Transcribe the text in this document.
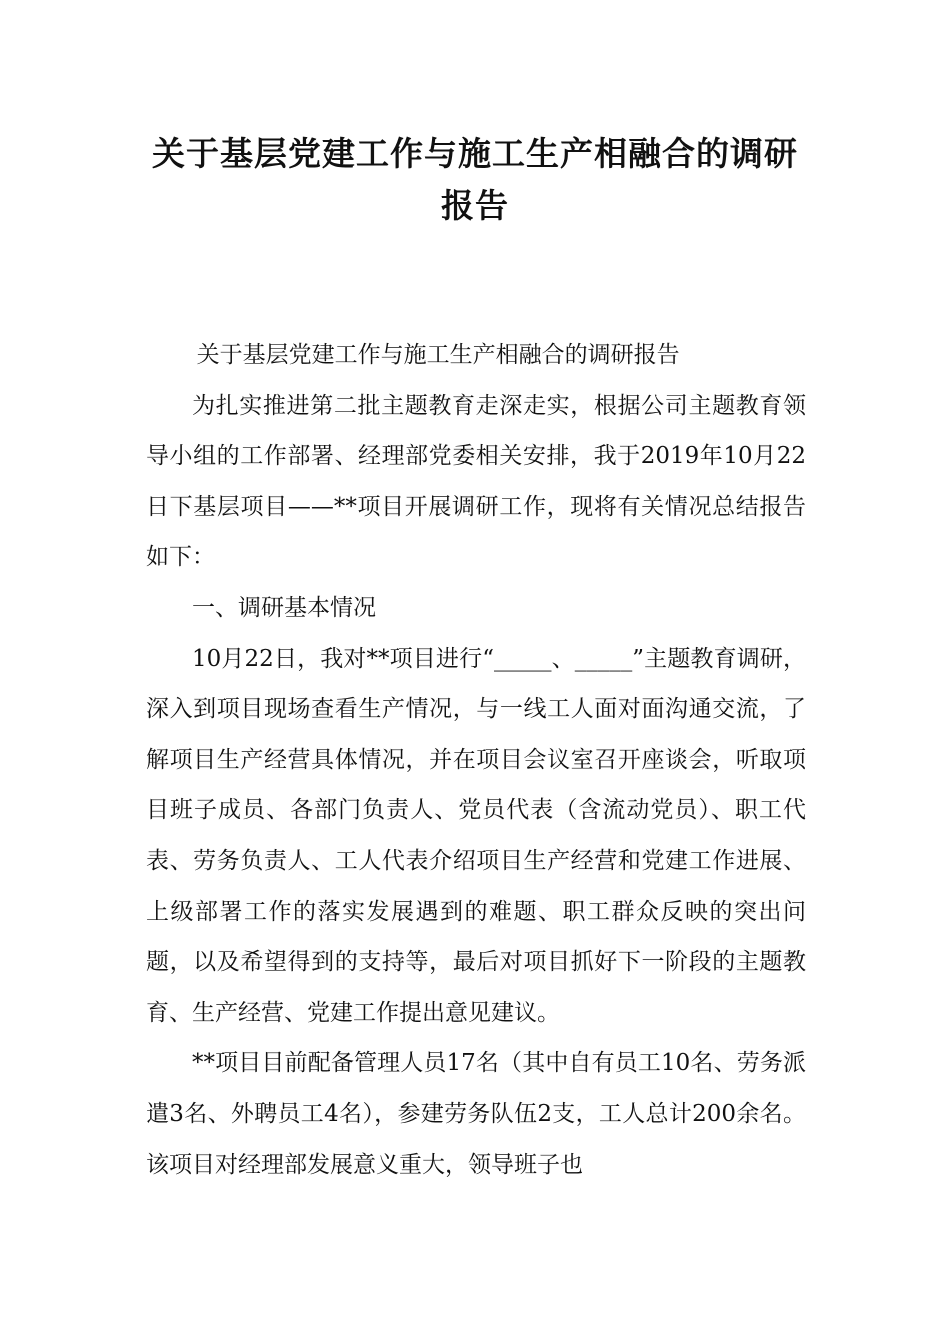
关于基层党建工作与施工生产相融合的调研报告

关于基层党建工作与施工生产相融合的调研报告

为扎实推进第二批主题教育走深走实，根据公司主题教育领导小组的工作部署、经理部党委相关安排，我于2019年10月22日下基层项目——**项目开展调研工作，现将有关情况总结报告如下：

一、调研基本情况

10月22日，我对**项目进行“_____、_____”主题教育调研，深入到项目现场查看生产情况，与一线工人面对面沟通交流，了解项目生产经营具体情况，并在项目会议室召开座谈会，听取项目班子成员、各部门负责人、党员代表（含流动党员）、职工代表、劳务负责人、工人代表介绍项目生产经营和党建工作进展、上级部署工作的落实发展遇到的难题、职工群众反映的突出问题，以及希望得到的支持等，最后对项目抓好下一阶段的主题教育、生产经营、党建工作提出意见建议。

**项目目前配备管理人员17名（其中自有员工10名、劳务派遣3名、外聘员工4名），参建劳务队伍2支，工人总计200余名。该项目对经理部发展意义重大，领导班子也
